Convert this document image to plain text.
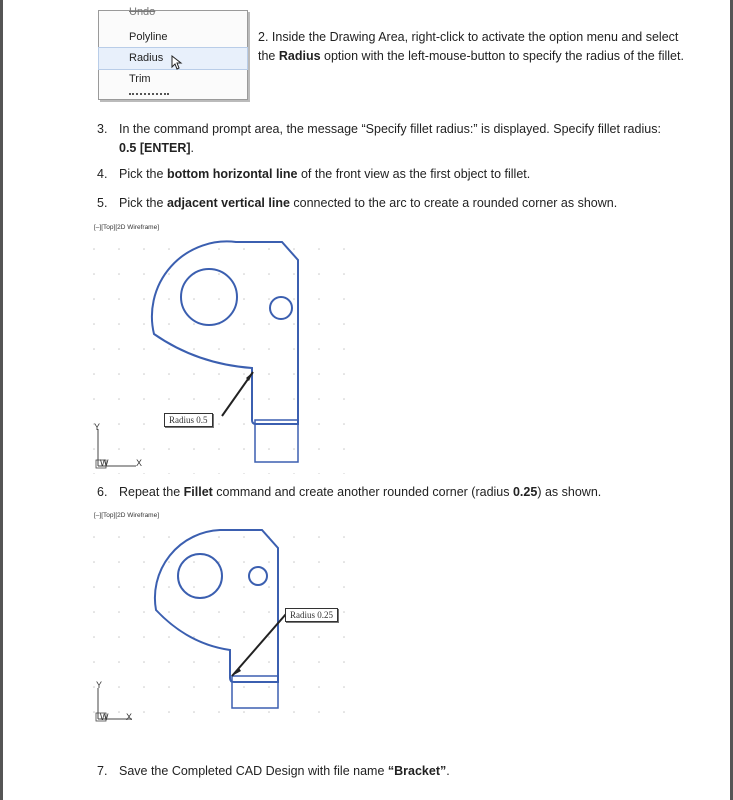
Undo
Polyline
Radius
Trim
2. Inside the Drawing Area, right-click to activate the option menu and select the Radius option with the left-mouse-button to specify the radius of the fillet.
3. In the command prompt area, the message “Specify fillet radius:” is displayed. Specify fillet radius:
0.5 [ENTER].
4. Pick the bottom horizontal line of the front view as the first object to fillet.
5. Pick the adjacent vertical line connected to the arc to create a rounded corner as shown.
[–][Top][2D Wireframe]
Radius 0.5
Y
W	X
6. Repeat the Fillet command and create another rounded corner (radius 0.25) as shown.
[–][Top][2D Wireframe]
Radius 0.25
Y
W X
7. Save the Completed CAD Design with file name “Bracket”.
